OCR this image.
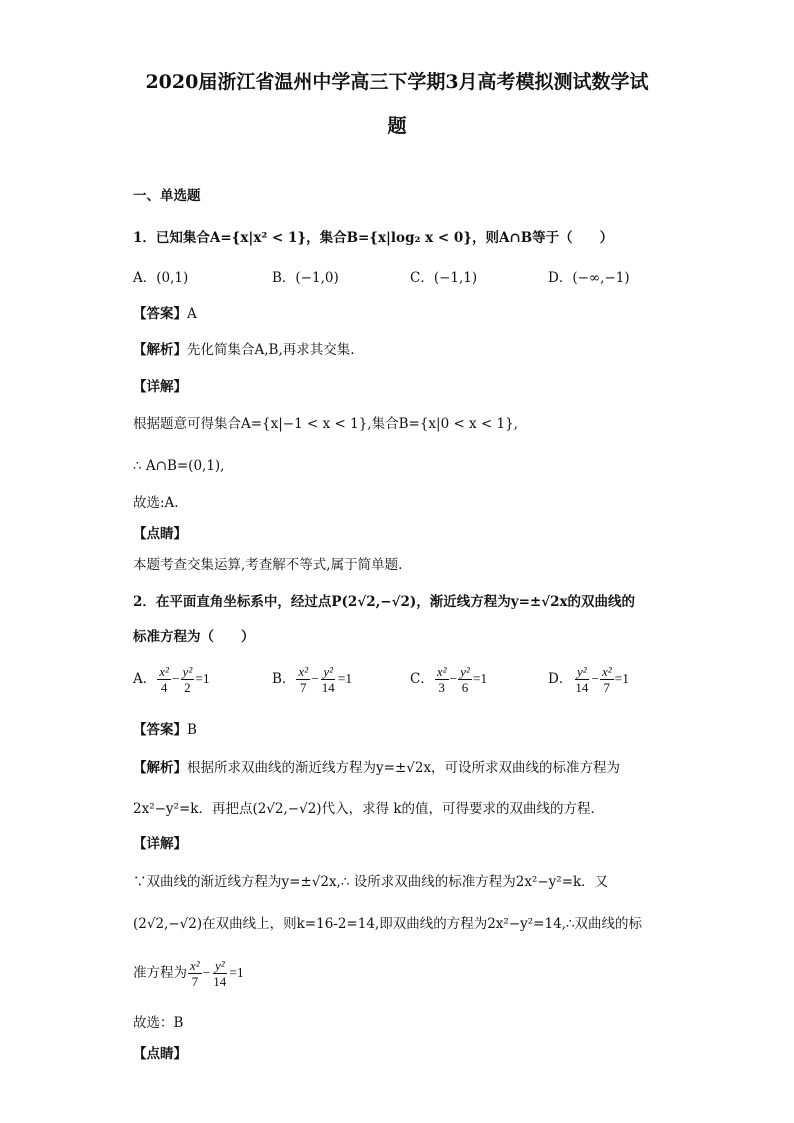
2020届浙江省温州中学高三下学期3月高考模拟测试数学试
题
一、单选题
1．已知集合A={x|x² < 1}，集合B={x|log₂ x < 0}，则A∩B等于（　　）
A．(0,1)	B．(−1,0)	C．(−1,1)	D．(−∞,−1)
【答案】A
【解析】先化简集合A,B,再求其交集.
【详解】
根据题意可得集合A={x|−1 < x < 1},集合B={x|0 < x < 1},
∴ A∩B=(0,1),
故选:A.
【点睛】
本题考查交集运算,考查解不等式,属于简单题.
2．在平面直角坐标系中，经过点P(2√2,−√2)，渐近线方程为y=±√2x的双曲线的
标准方程为（　　）
A． $\frac{\text{x²}}{4} - \frac{\text{y²}}{2} =1$	B． $\frac{\text{x²}}{7} - \frac{\text{y²}}{14} =1$	C． $\frac{\text{x²}}{3} - \frac{\text{y²}}{6} =1$	D． $\frac{\text{y²}}{14} - \frac{\text{x²}}{7} =1$
【答案】B
【解析】根据所求双曲线的渐近线方程为y=±√2x，可设所求双曲线的标准方程为
2x²−y²=k．再把点(2√2,−√2)代入，求得 k的值，可得要求的双曲线的方程．
【详解】
∵双曲线的渐近线方程为y=±√2x,∴ 设所求双曲线的标准方程为2x²−y²=k．又
(2√2,−√2)在双曲线上，则k=16-2=14,即双曲线的方程为2x²−y²=14,∴双曲线的标
准方程为 $\frac{\text{x²}}{7} - \frac{\text{y²}}{14} =1$
故选：B
【点睛】
